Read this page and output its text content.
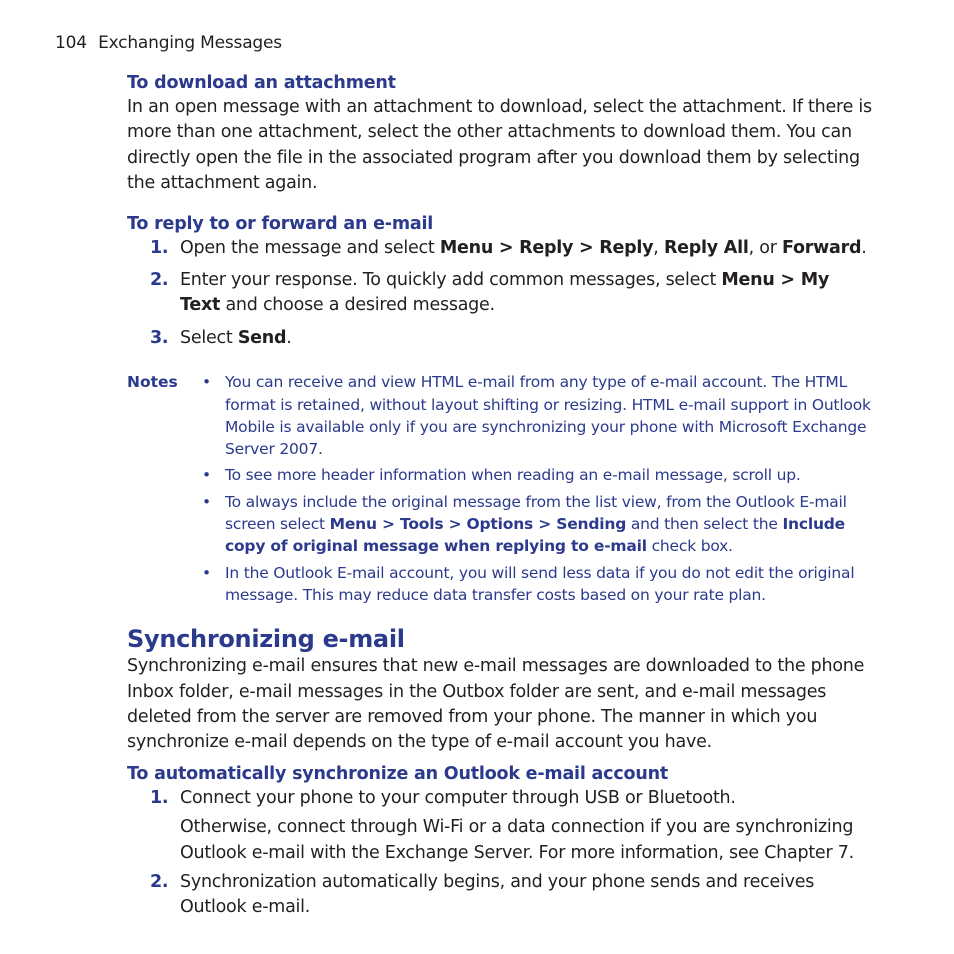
104 Exchanging Messages
To download an attachment

In an open message with an attachment to download, select the attachment. If there is more than one attachment, select the other attachments to download them. You can directly open the file in the associated program after you download them by selecting the attachment again.

To reply to or forward an e-mail
1. Open the message and select Menu > Reply > Reply, Reply All, or Forward.
2. Enter your response. To quickly add common messages, select Menu > My Text and choose a desired message.
3. Select Send.
Notes • You can receive and view HTML e-mail from any type of e-mail account. The HTML format is retained, without layout shifting or resizing. HTML e-mail support in Outlook Mobile is available only if you are synchronizing your phone with Microsoft Exchange Server 2007.
• To see more header information when reading an e-mail message, scroll up.
• To always include the original message from the list view, from the Outlook E-mail screen select Menu > Tools > Options > Sending and then select the Include copy of original message when replying to e-mail check box.
• In the Outlook E-mail account, you will send less data if you do not edit the original message. This may reduce data transfer costs based on your rate plan.
Synchronizing e-mail

Synchronizing e-mail ensures that new e-mail messages are downloaded to the phone Inbox folder, e-mail messages in the Outbox folder are sent, and e-mail messages deleted from the server are removed from your phone. The manner in which you synchronize e-mail depends on the type of e-mail account you have.

To automatically synchronize an Outlook e-mail account
1. Connect your phone to your computer through USB or Bluetooth.
Otherwise, connect through Wi-Fi or a data connection if you are synchronizing Outlook e-mail with the Exchange Server. For more information, see Chapter 7.
2. Synchronization automatically begins, and your phone sends and receives Outlook e-mail.
